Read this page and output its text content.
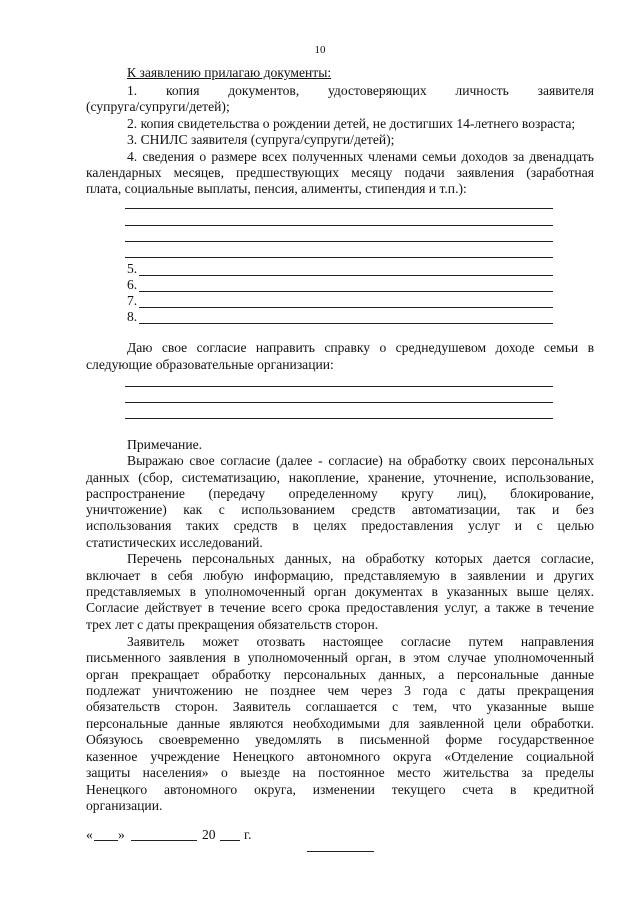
10
К заявлению прилагаю документы:
1. копия документов, удостоверяющих личность заявителя
(супруга/супруги/детей);
2. копия свидетельства о рождении детей, не достигших 14-летнего возраста;
3. СНИЛС заявителя (супруга/супруги/детей);
4. сведения о размере всех полученных членами семьи доходов за двенадцать
календарных месяцев, предшествующих месяцу подачи заявления (заработная
плата, социальные выплаты, пенсия, алименты, стипендия и т.п.):
5.
6.
7.
8.
Даю свое согласие направить справку о среднедушевом доходе семьи в
следующие образовательные организации:
Примечание.
Выражаю свое согласие (далее - согласие) на обработку своих персональных
данных (сбор, систематизацию, накопление, хранение, уточнение, использование,
распространение (передачу определенному кругу лиц), блокирование,
уничтожение) как с использованием средств автоматизации, так и без
использования таких средств в целях предоставления услуг и с целью
статистических исследований.
Перечень персональных данных, на обработку которых дается согласие,
включает в себя любую информацию, представляемую в заявлении и других
представляемых в уполномоченный орган документах в указанных выше целях.
Согласие действует в течение всего срока предоставления услуг, а также в течение
трех лет с даты прекращения обязательств сторон.
Заявитель может отозвать настоящее согласие путем направления
письменного заявления в уполномоченный орган, в этом случае уполномоченный
орган прекращает обработку персональных данных, а персональные данные
подлежат уничтожению не позднее чем через 3 года с даты прекращения
обязательств сторон. Заявитель соглашается с тем, что указанные выше
персональные данные являются необходимыми для заявленной цели обработки.
Обязуюсь своевременно уведомлять в письменной форме государственное
казенное учреждение Ненецкого автономного округа «Отделение социальной
защиты населения» о выезде на постоянное место жительства за пределы
Ненецкого автономного округа, изменении текущего счета в кредитной
организации.
« »	20 г.
